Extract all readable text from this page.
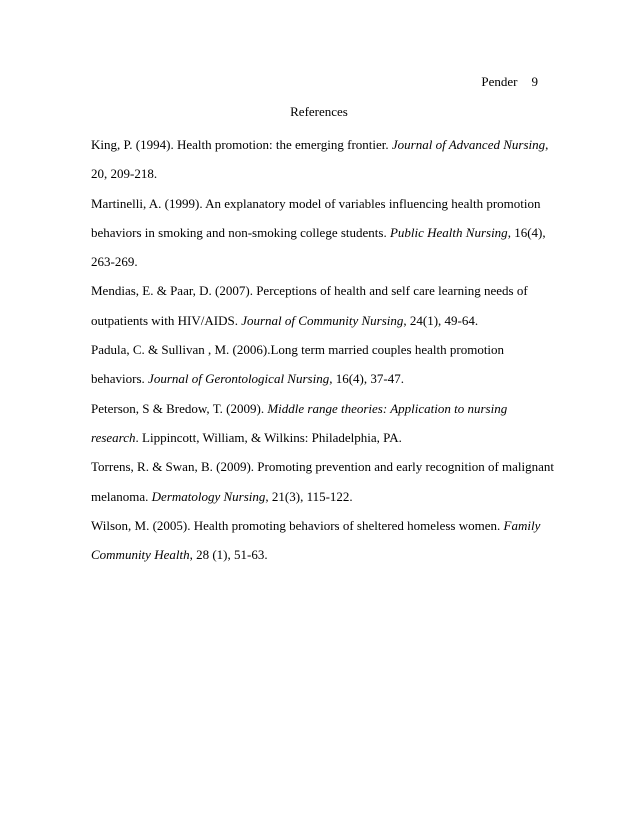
Pender 9
References
King, P. (1994). Health promotion: the emerging frontier. Journal of Advanced Nursing,
20, 209-218.
Martinelli, A. (1999). An explanatory model of variables influencing health promotion
behaviors in smoking and non-smoking college students. Public Health Nursing, 16(4),
263-269.
Mendias, E. & Paar, D. (2007). Perceptions of health and self care learning needs of
outpatients with HIV/AIDS. Journal of Community Nursing, 24(1), 49-64.
Padula, C. & Sullivan , M. (2006).Long term married couples health promotion
behaviors. Journal of Gerontological Nursing, 16(4), 37-47.
Peterson, S & Bredow, T. (2009). Middle range theories: Application to nursing
research. Lippincott, William, & Wilkins: Philadelphia, PA.
Torrens, R. & Swan, B. (2009). Promoting prevention and early recognition of malignant
melanoma. Dermatology Nursing, 21(3), 115-122.
Wilson, M. (2005). Health promoting behaviors of sheltered homeless women. Family
Community Health, 28 (1), 51-63.
